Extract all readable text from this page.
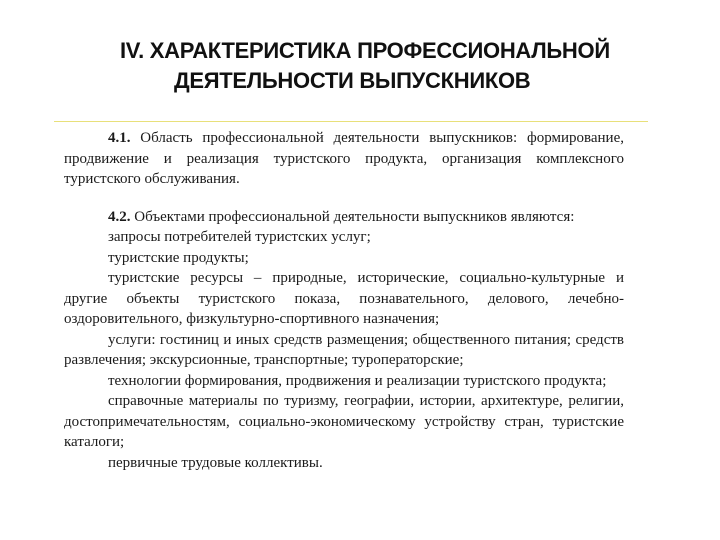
IV. ХАРАКТЕРИСТИКА ПРОФЕССИОНАЛЬНОЙ
ДЕЯТЕЛЬНОСТИ ВЫПУСКНИКОВ

4.1. Область профессиональной деятельности выпускников: формирование, продвижение и реализация туристского продукта, организация комплексного туристского обслуживания.

4.2. Объектами профессиональной деятельности выпускников являются:

запросы потребителей туристских услуг;

туристские продукты;

туристские ресурсы – природные, исторические, социально-культурные и другие объекты туристского показа, познавательного, делового, лечебно-оздоровительного, физкультурно-спортивного назначения;

услуги: гостиниц и иных средств размещения; общественного питания; средств развлечения; экскурсионные, транспортные; туроператорские;

технологии формирования, продвижения и реализации туристского продукта;

справочные материалы по туризму, географии, истории, архитектуре, религии, достопримечательностям, социально-экономическому устройству стран, туристские каталоги;

первичные трудовые коллективы.
